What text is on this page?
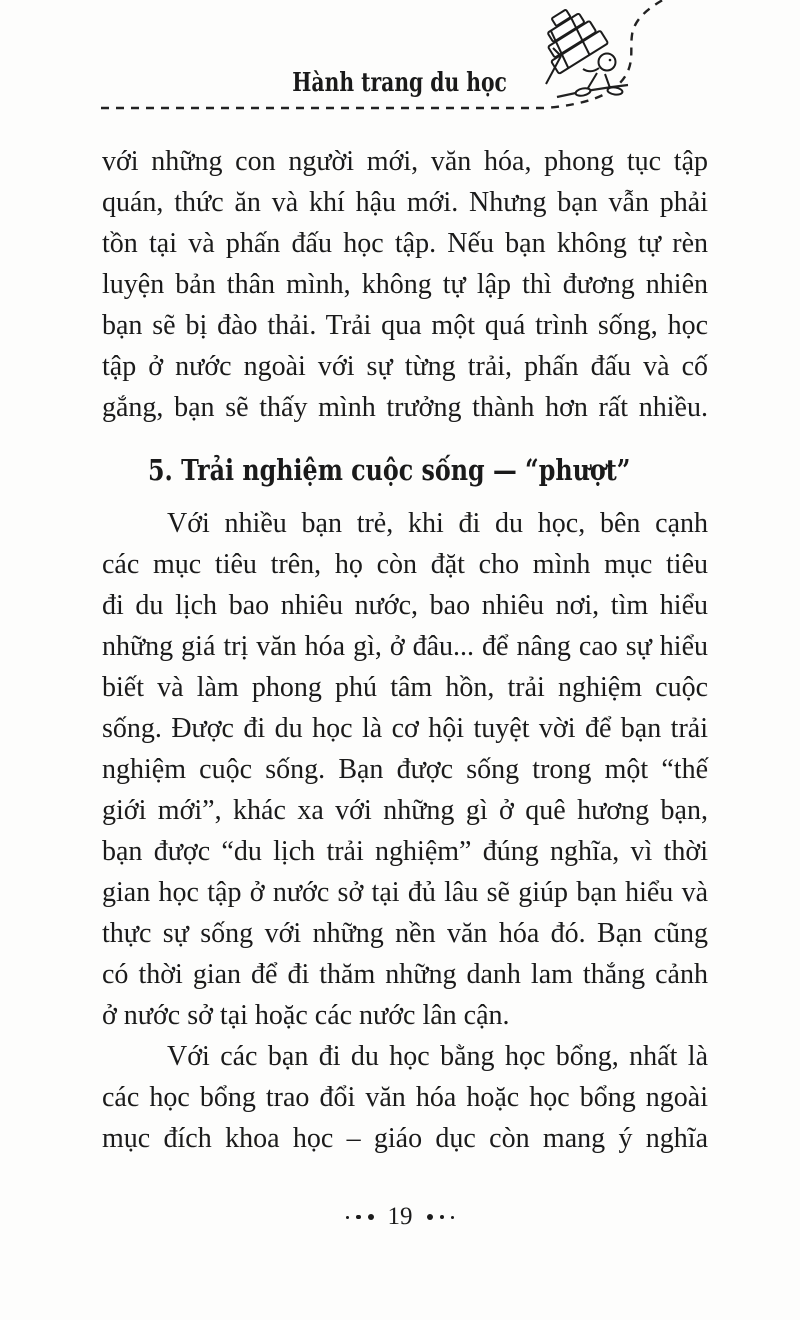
Hành trang du học
với những con người mới, văn hóa, phong tục tập
quán, thức ăn và khí hậu mới. Nhưng bạn vẫn phải
tồn tại và phấn đấu học tập. Nếu bạn không tự rèn
luyện bản thân mình, không tự lập thì đương nhiên
bạn sẽ bị đào thải. Trải qua một quá trình sống, học
tập ở nước ngoài với sự từng trải, phấn đấu và cố
gắng, bạn sẽ thấy mình trưởng thành hơn rất nhiều.
5. Trải nghiệm cuộc sống — “phượt”
Với nhiều bạn trẻ, khi đi du học, bên cạnh
các mục tiêu trên, họ còn đặt cho mình mục tiêu
đi du lịch bao nhiêu nước, bao nhiêu nơi, tìm hiểu
những giá trị văn hóa gì, ở đâu... để nâng cao sự hiểu
biết và làm phong phú tâm hồn, trải nghiệm cuộc
sống. Được đi du học là cơ hội tuyệt vời để bạn trải
nghiệm cuộc sống. Bạn được sống trong một “thế
giới mới”, khác xa với những gì ở quê hương bạn,
bạn được “du lịch trải nghiệm” đúng nghĩa, vì thời
gian học tập ở nước sở tại đủ lâu sẽ giúp bạn hiểu và
thực sự sống với những nền văn hóa đó. Bạn cũng
có thời gian để đi thăm những danh lam thắng cảnh
ở nước sở tại hoặc các nước lân cận.
Với các bạn đi du học bằng học bổng, nhất là
các học bổng trao đổi văn hóa hoặc học bổng ngoài
mục đích khoa học – giáo dục còn mang ý nghĩa
19
